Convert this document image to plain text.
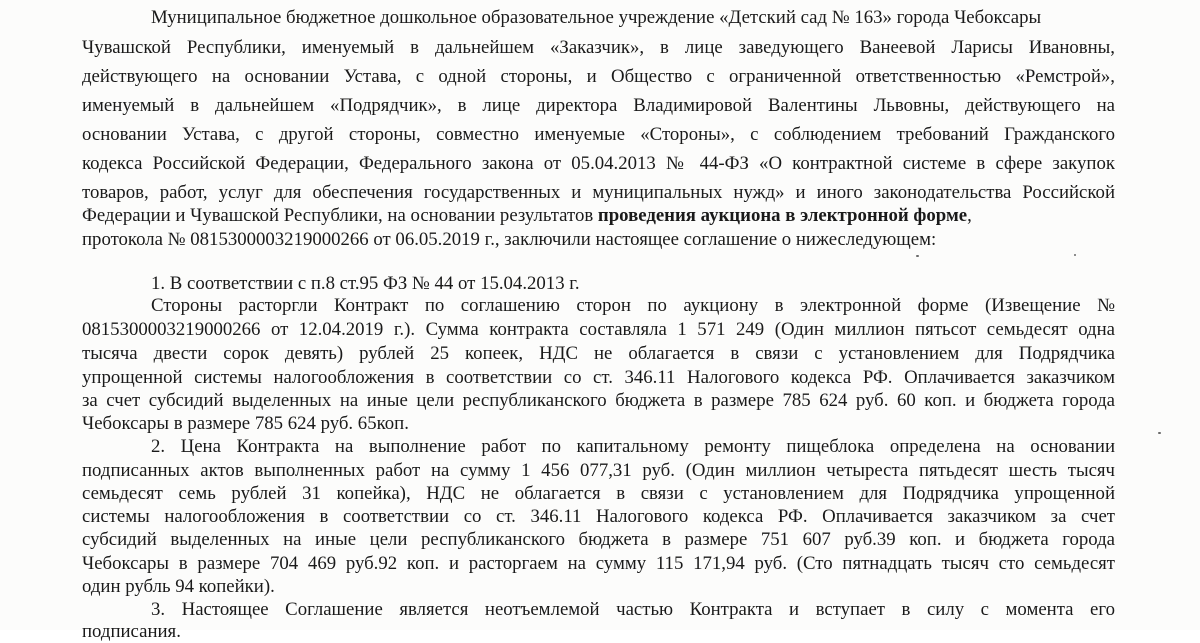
Муниципальное бюджетное дошкольное образовательное учреждение «Детский сад № 163» города Чебоксары

Чувашской Республики, именуемый в дальнейшем «Заказчик», в лице заведующего Ванеевой Ларисы Ивановны,

действующего на основании Устава, с одной стороны, и Общество с ограниченной ответственностью «Ремстрой»,

именуемый в дальнейшем «Подрядчик», в лице директора Владимировой Валентины Львовны, действующего на

основании Устава, с другой стороны, совместно именуемые «Стороны», с соблюдением требований Гражданского

кодекса Российской Федерации, Федерального закона от 05.04.2013 № 44-ФЗ «О контрактной системе в сфере закупок

товаров, работ, услуг для обеспечения государственных и муниципальных нужд» и иного законодательства Российской

Федерации и Чувашской Республики, на основании результатов проведения аукциона в электронной форме,

протокола № 0815300003219000266 от 06.05.2019 г., заключили настоящее соглашение о нижеследующем:

1. В соответствии с п.8 ст.95 ФЗ № 44 от 15.04.2013 г.

Стороны расторгли Контракт по соглашению сторон по аукциону в электронной форме (Извещение №

0815300003219000266 от 12.04.2019 г.). Сумма контракта составляла 1 571 249 (Один миллион пятьсот семьдесят одна

тысяча двести сорок девять) рублей 25 копеек, НДС не облагается в связи с установлением для Подрядчика

упрощенной системы налогообложения в соответствии со ст. 346.11 Налогового кодекса РФ. Оплачивается заказчиком

за счет субсидий выделенных на иные цели республиканского бюджета в размере 785 624 руб. 60 коп. и бюджета города

Чебоксары в размере 785 624 руб. 65коп.

2. Цена Контракта на выполнение работ по капитальному ремонту пищеблока определена на основании

подписанных актов выполненных работ на сумму 1 456 077,31 руб. (Один миллион четыреста пятьдесят шесть тысяч

семьдесят семь рублей 31 копейка), НДС не облагается в связи с установлением для Подрядчика упрощенной

системы налогообложения в соответствии со ст. 346.11 Налогового кодекса РФ. Оплачивается заказчиком за счет

субсидий выделенных на иные цели республиканского бюджета в размере 751 607 руб.39 коп. и бюджета города

Чебоксары в размере 704 469 руб.92 коп. и расторгаем на сумму 115 171,94 руб. (Сто пятнадцать тысяч сто семьдесят

один рубль 94 копейки).

3. Настоящее Соглашение является неотъемлемой частью Контракта и вступает в силу с момента его

подписания.
